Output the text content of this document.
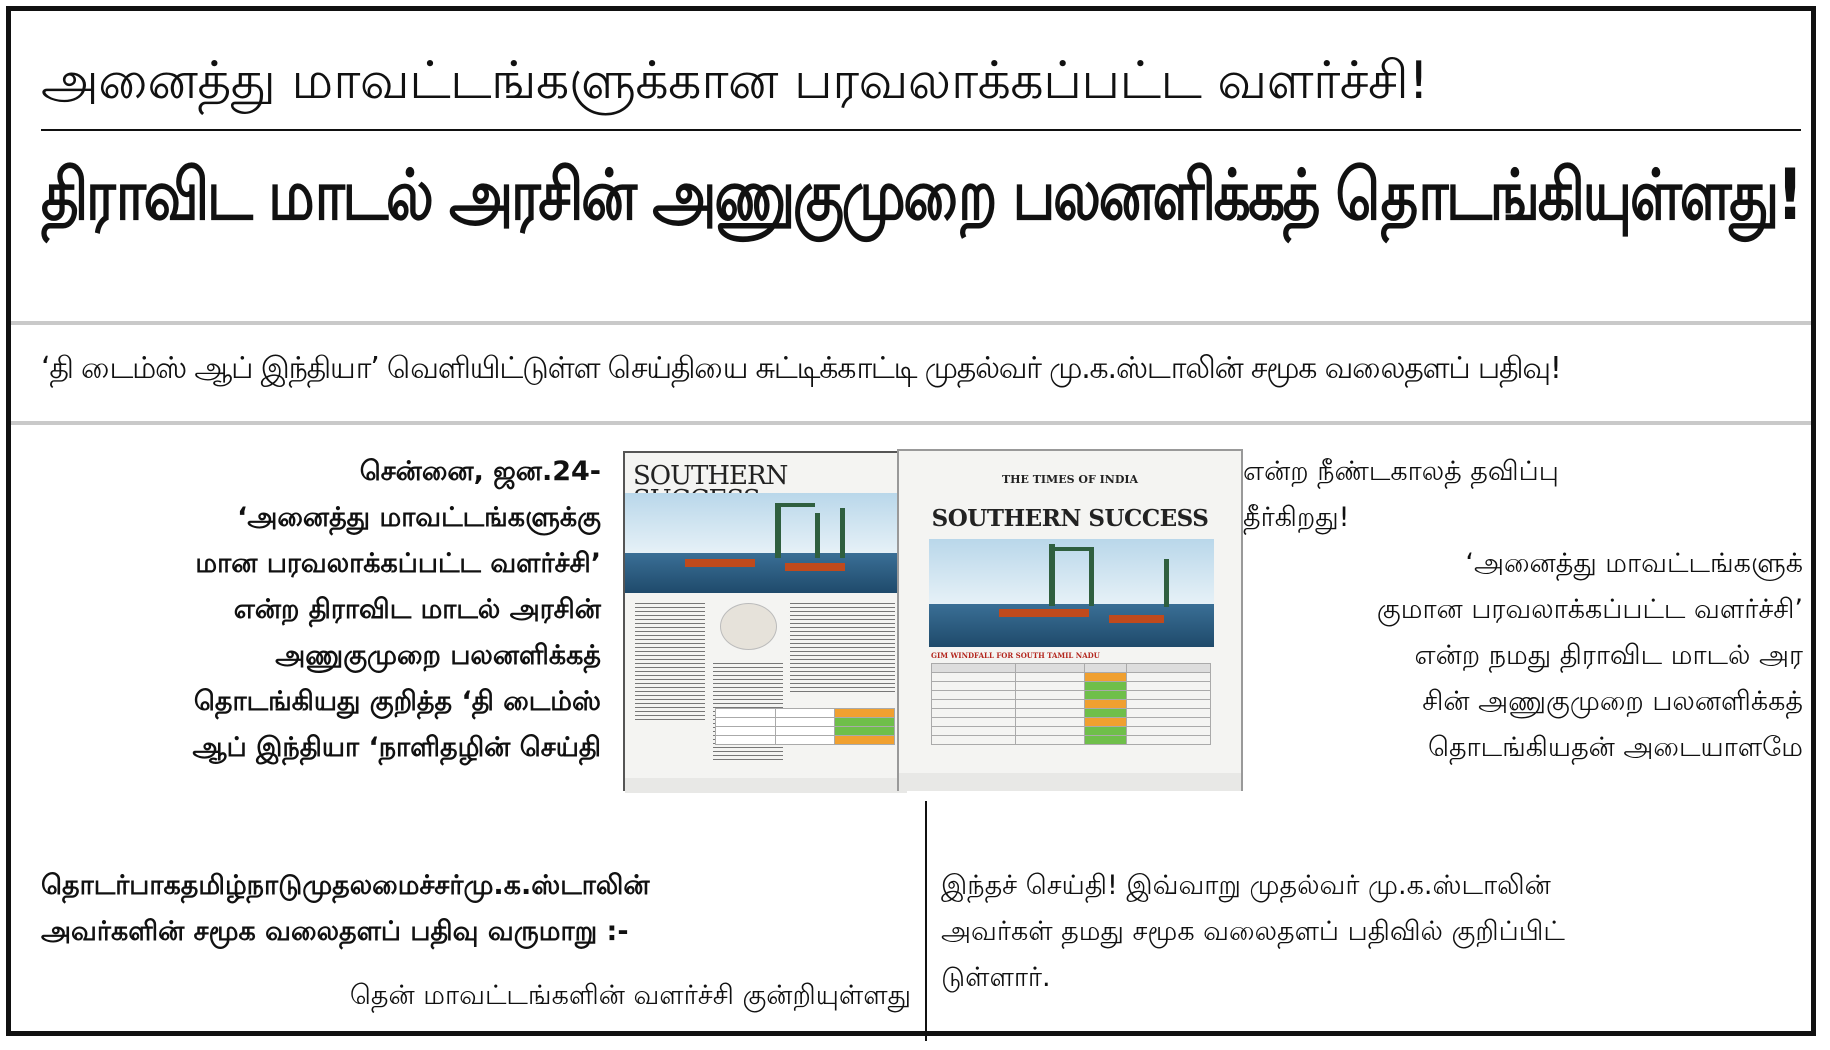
அனைத்து மாவட்டங்களுக்கான பரவலாக்கப்பட்ட வளர்ச்சி!
திராவிட மாடல் அரசின் அணுகுமுறை பலனளிக்கத் தொடங்கியுள்ளது!
‘தி டைம்ஸ் ஆப் இந்தியா’ வெளியிட்டுள்ள செய்தியை சுட்டிக்காட்டி முதல்வர் மு.க.ஸ்டாலின் சமூக வலைதளப் பதிவு!
சென்னை, ஜன.24-
‘அனைத்து மாவட்டங்களுக்கு
மான பரவலாக்கப்பட்ட வளர்ச்சி’
என்ற திராவிட மாடல் அரசின்
அணுகுமுறை பலனளிக்கத்
தொடங்கியது குறித்த ‘தி டைம்ஸ்
ஆப் இந்தியா ‘நாளிதழின் செய்தி
தொடர்பாகதமிழ்நாடுமுதலமைச்சர்மு.க.ஸ்டாலின்
அவர்களின் சமூக வலைதளப் பதிவு வருமாறு :-
தென் மாவட்டங்களின் வளர்ச்சி குன்றியுள்ளது
என்ற நீண்டகாலத் தவிப்பு
தீர்கிறது!
‘அனைத்து மாவட்டங்களுக்
குமான பரவலாக்கப்பட்ட வளர்ச்சி’
என்ற நமது திராவிட மாடல் அர
சின் அணுகுமுறை பலனளிக்கத்
தொடங்கியதன் அடையாளமே
இந்தச் செய்தி! இவ்வாறு முதல்வர் மு.க.ஸ்டாலின்
அவர்கள் தமது சமூக வலைதளப் பதிவில் குறிப்பிட்
டுள்ளார்.
SOUTHERN

			THE TIMES OF INDIA
SOUTHERN SUCCESS
GIM WINDFALL FOR SOUTH TAMIL NADU
